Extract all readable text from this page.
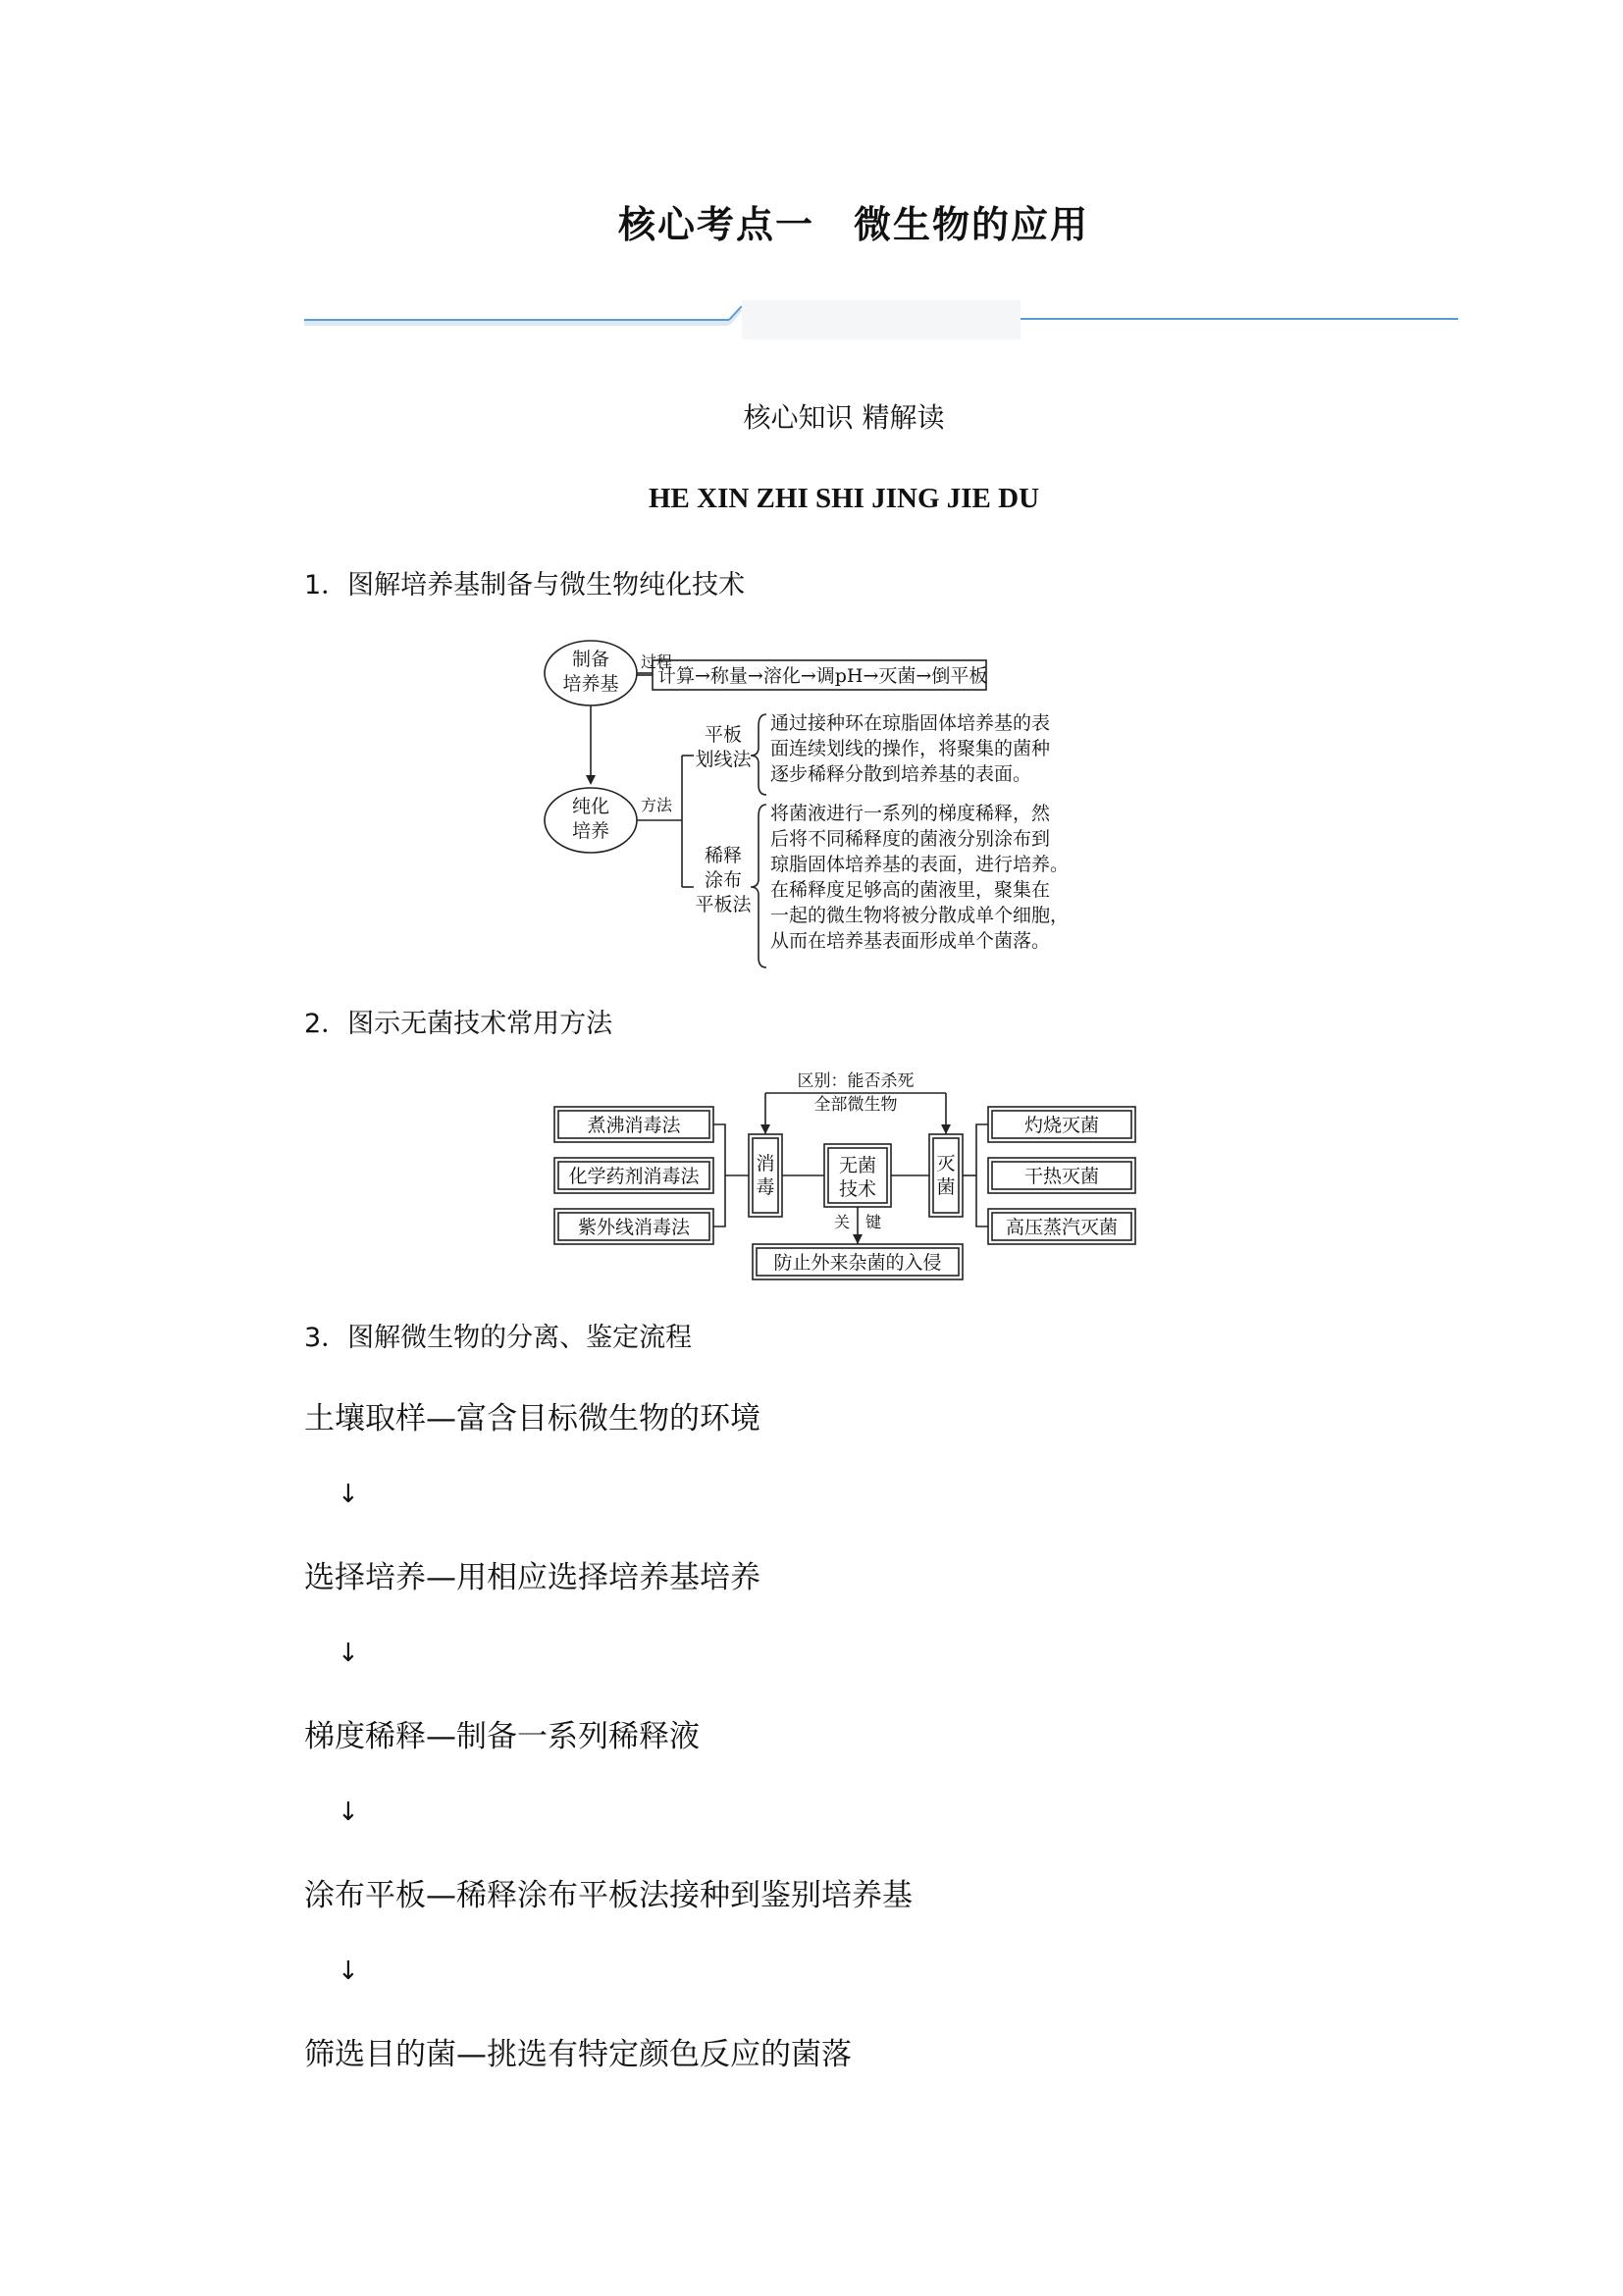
核心考点一　微生物的应用
核心知识 精解读
HE XIN ZHI SHI JING JIE DU
1．图解培养基制备与微生物纯化技术
制备
培养基
纯化
培养
过程
计算→称量→溶化→调pH→灭菌→倒平板
方法
平板
划线法
通过接种环在琼脂固体培养基的表
面连续划线的操作，将聚集的菌种
逐步稀释分散到培养基的表面。
稀释
涂布
平板法
将菌液进行一系列的梯度稀释，然
后将不同稀释度的菌液分别涂布到
琼脂固体培养基的表面，进行培养。
在稀释度足够高的菌液里，聚集在
一起的微生物将被分散成单个细胞，
从而在培养基表面形成单个菌落。
2．图示无菌技术常用方法
区别：能否杀死
全部微生物
煮沸消毒法
化学药剂消毒法
紫外线消毒法
消
毒
无菌
技术
灭
菌
灼烧灭菌
干热灭菌
高压蒸汽灭菌
关　键
防止外来杂菌的入侵
3．图解微生物的分离、鉴定流程
土壤取样—富含目标微生物的环境
↓
选择培养—用相应选择培养基培养
↓
梯度稀释—制备一系列稀释液
↓
涂布平板—稀释涂布平板法接种到鉴别培养基
↓
筛选目的菌—挑选有特定颜色反应的菌落
